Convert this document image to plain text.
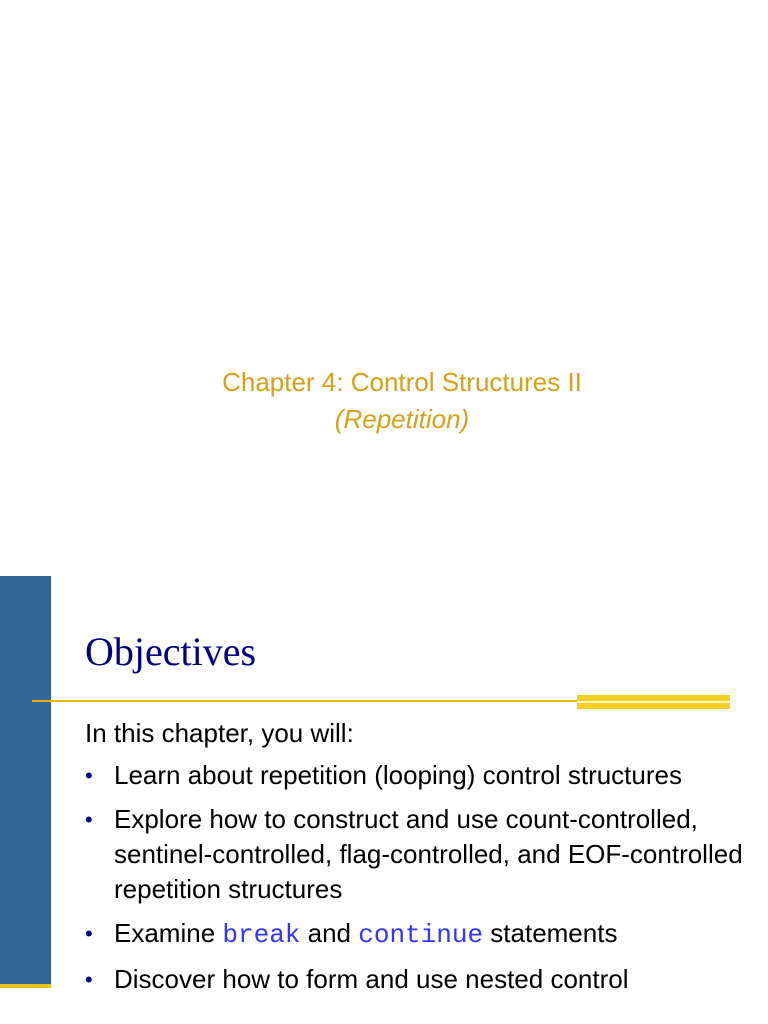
Chapter 4: Control Structures II
(Repetition)
Objectives
In this chapter, you will:
• Learn about repetition (looping) control structures
• Explore how to construct and use count-controlled, sentinel-controlled, flag-controlled, and EOF-controlled repetition structures
• Examine break and continue statements
• Discover how to form and use nested control
